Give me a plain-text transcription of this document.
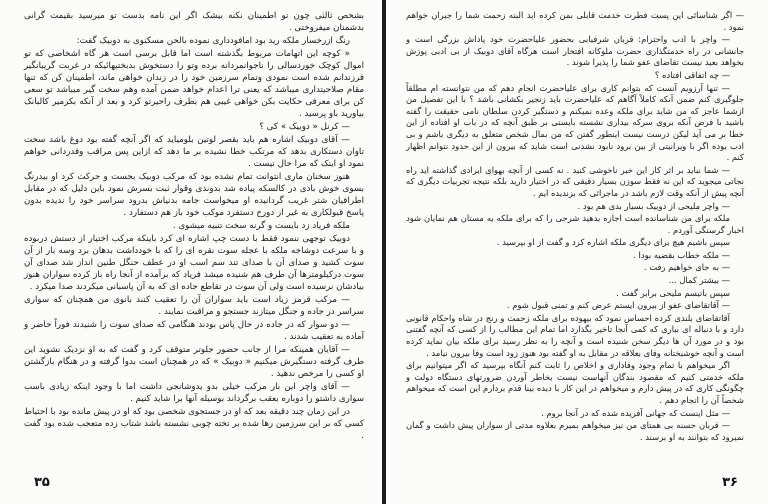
بشخص ثالثی چون تو اطمینان نکنه بیشک اگر این نامه بدست تو میرسید بقیمت گرانی بدشمنان میفروختی .

رنگ ازرخسار ملکه رید بود امافودداری نموده بالحن مسکنوی به دوبیک گفت:

« کوچه این اتهامات مربوط بگذشته است اما قابل برسی است هر گاه اشخاصی که تو اموال کوچک خوردسالی را ناجوانمردانه برده وتو را دستخوش بدبختیهائیکه در غربت گریبانگیر فرزندانم شده است نمودی وتمام سرزمین خود را در زندان خواهی ماند، اطمینان کن که تنها مقام صلاحیتداری میباشد که یعنی ترا اعدام خواهد ضمن آمده وهم سخت گیر میباشد تو سعی کن برای معرفی حکایت بکن خواهی غیبی هم بطرف راحیرتو کرد و بعد از آنکه بکرمیر کالبانک بیاورید باو پرسید .

— کرنل « دوبیک » کی ؟

— آقای دوبیک اشاره هم باید بقصر لوتین بلومیاید که اگر آنچه گفته بود دوغ باشد سخت تاوان دستکاری بدهد که مرتکب خطا نشیده بر ما دهد که ازاین پس مراقب وقدردانی خواهم نمود او اینک که مرا حال نیست .

هنوز سخنان ماری انتوانت تمام نشده بود که مرکب دوبیک بجست و حرکت کرد او بیدرنگ بسوی خوش بادی در کالسکه پیاده شد بدوندی وقوار ثبت بسرش نمود باین دلیل که در مقابل اطرافیان شتر غریب گردانیده او میخواست جامه بدنیاش بدرود سراسر خود را ندیده بدون پاسخ قبولکاری به غیر از دورخ دستفرد موکب خود باز هم دستفارد .

ملکه فریاد زد بایست و گرنه سخت تنبیه میشوی .

دوبیک توجهی ننمود فقط با دست چپ اشاره ای کرد باینکه مرکب اختیار از دستش دربوده و با سرعت دوشاخه ملکه با عجله سوت نقره ای را که با خودداشت بدهان برد وسه بار از آن سوت کشید و صدای آن با صدای تند سم اسب او در عطف حنگل طنین انداز شد صدای آن سوت درکیلومترها آن طرف هم شنیده میشد فریاد که برآمده از آنجا راه باز کرده سواران هنوز بیادشان نرسیده است ولی آن سوت در تقاطع جاده ای که به آن پاسبانی میکردند صدا میکرد .

— مرکب قرمز زیاد است باید سواران آن را تعقیب کنند بانوی من همچنان که سواری سراسر در جاده و جنگل میتازند جستجو و مراقبت نمایند .

— دو سوار که در جاده در حال پاس بودند هنگامی که صدای سوت را شنیدند فوراً حاضر و آماده به تعقیب شدند .

— آقایان همینکه مرا از جانب حضور جلوتر متوقف کرد و گفت که به او نزدیک نشوید این طرف گرفته دستگیرش میکنیم « دوبیک » که در همچنان است بدوا گرفته و در هنگام بازگشتن او کسی را مرخص ندهید .

— آقای واچر این بار مرکب خیلی بدو یدوشانجی داشت اما با وجود اینکه زیادی باسب سواری داشتو را دوباره بعقب برگرداند بوسیله آنها برا شاید کنیم .

در این زمان چند دقیقه بعد که او در جستجوی شخصی بود که او در پیش مانده بود با احتیاط کسی که بر این سرزمین رها شده بر تخته چوبی نشسته باشد شتاب زده متعجب شده بود گفت .

۳۵

— اگر شناسائی این پست فطرت خدمت قابلی بمن کرده اید البته زحمت شما را جبران خواهم نمود .

— واچر با ادب واحترام: قربان شرفیابی بحضور علیاحضرت خود پاداش بزرگی است و جانشانی در راه خدمتگذاری حضرت ملوکانه افتخار است هرگاه آقای دوبیک از بی ادبی پوزش بخواهد بعید نیست تقاضای عفو شما را پذیرا شوند .

— چه اتفاقی افتاده ؟

— تنها آرزویم آنست که بتوانم کاری برای علیاحضرت انجام دهم که من نتوانسته ام مطلقاً جلوگیری کنم ضمن آنکه کاملاً آگاهم که علیاحضرت باید زنجیر بکشانی باشد ؟ با این تفصیل من ازشما عاجز که من شاید برای ملکه وعده نمیکنم و دستگیر کردن سلطان نامی حقیقت را گفته باشید با فرض آنکه بروی سرکه بیداری نشسته بایستی بر طبق آنچه که در باب او افتاده از این خطا بر می آید لیکن درست نیست اینطور گفتن که من بمال شخص متعلق به دیگری باشم و بی ادب بوده اگر با ویرانیتی از بین برود نابود نشدنی است شاید که بیرون از این حدود نتوانم اظهار کنم .

— شما نباید بر اثر کار این خبر ناخوشی کنید . نه کسی از آنچه بهوای ایرادی گذاشته اید راه نجاتی میجوید که این نه فقط سوزن بسیار دقیقی که در اختیار دارید بلکه نتیجه تجربیات دیگری که آنچه پیش از آنکه وقت لازم باشد در ماجرائی که بزندیده ایم .

— واچر ملیحی از دوبیک بسیار بدی هم بود .

ملکه برای من شناسانده است اجازه بدهید شرحی را که برای ملکه به مستان هم نمایان شود اخبار گرسنگی آوردم .

سپس باشیم هیچ برای دیگری ملکه اشاره کرد و گفت از او بپرسید .

— ملکه خطاب بقضیه بودا .

— به جای خواهیم رفت .

— بیشتر کمال ...

سپس باتیسم ملیحی برابر گفت .

— آقاتقاضای عفو از بیرون ایستم عرض کنم و تمنی قبول شوم .

آقاتقاضای بلندی کرده احساس نمود که بیهوده برای ملکه زحمت و رنج در شاه واحکام قانونی دارد و با دنباله ای بیاری که کمی آنجا تاخیر بگذارد اما تمام این مطالب را از کسی که آنچه گفتنی بود و در مورد آن ها دیگر سخن شنیده است و آنچه را به نظر رسید برای ملکه بیان نماید کرده است و آنچه خوشبختانه وفای بعلاقه در مقابل به او گفته بود هنوز زود است وفا بیرون نیامد .

اگر میخواهم با تمام وجود وفاداری و اخلاص را ثابت کنم آنگاه بپرسید که اگر میتوانیم برای ملکه خدمتی کنیم که مقصود بندگان آنهاست نیست بخاطر آوردن ضرورتهای دستگاه دولت و چگونگی کاری که در پیش دارم و میخواهم در این کار با دیده بینا قدم بردارم این است که میخواهم شخصاً آن را انجام دهم .

— مثل اینست که جهانی آفریده شده که در آنجا بروم .

— قربان حسنه بی همتای من نیز میخواهم بمیرم بعلاوه مدتی از سواران پیش داشت و گمان نمیرود که بتوانند به او برسند .

۳۶
